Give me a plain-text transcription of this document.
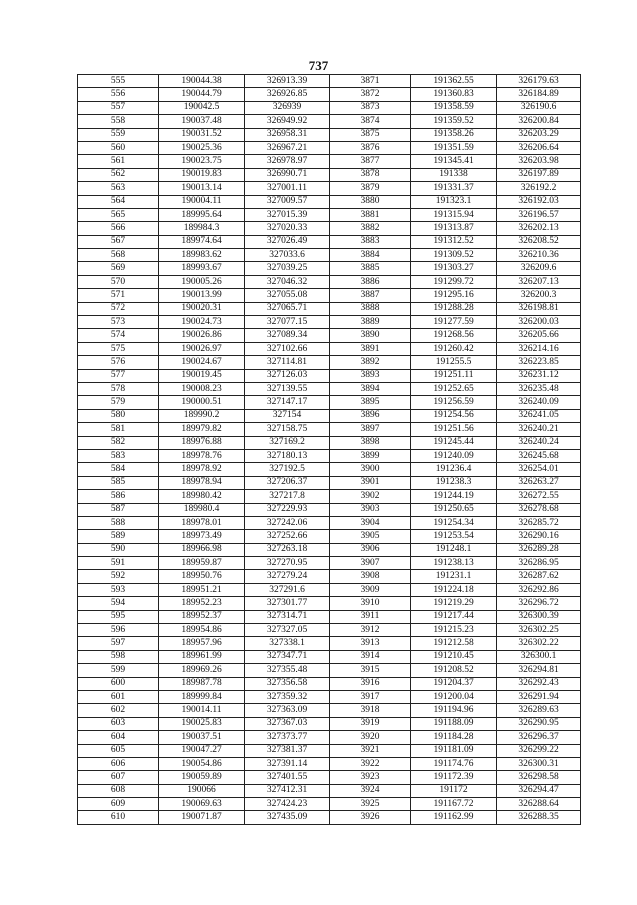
737
555	190044.38	326913.39	3871	191362.55	326179.63
556	190044.79	326926.85	3872	191360.83	326184.89
557	190042.5	326939	3873	191358.59	326190.6
558	190037.48	326949.92	3874	191359.52	326200.84
559	190031.52	326958.31	3875	191358.26	326203.29
560	190025.36	326967.21	3876	191351.59	326206.64
561	190023.75	326978.97	3877	191345.41	326203.98
562	190019.83	326990.71	3878	191338	326197.89
563	190013.14	327001.11	3879	191331.37	326192.2
564	190004.11	327009.57	3880	191323.1	326192.03
565	189995.64	327015.39	3881	191315.94	326196.57
566	189984.3	327020.33	3882	191313.87	326202.13
567	189974.64	327026.49	3883	191312.52	326208.52
568	189983.62	327033.6	3884	191309.52	326210.36
569	189993.67	327039.25	3885	191303.27	326209.6
570	190005.26	327046.32	3886	191299.72	326207.13
571	190013.99	327055.08	3887	191295.16	326200.3
572	190020.31	327065.71	3888	191288.28	326198.81
573	190024.73	327077.15	3889	191277.59	326200.03
574	190026.86	327089.34	3890	191268.56	326205.66
575	190026.97	327102.66	3891	191260.42	326214.16
576	190024.67	327114.81	3892	191255.5	326223.85
577	190019.45	327126.03	3893	191251.11	326231.12
578	190008.23	327139.55	3894	191252.65	326235.48
579	190000.51	327147.17	3895	191256.59	326240.09
580	189990.2	327154	3896	191254.56	326241.05
581	189979.82	327158.75	3897	191251.56	326240.21
582	189976.88	327169.2	3898	191245.44	326240.24
583	189978.76	327180.13	3899	191240.09	326245.68
584	189978.92	327192.5	3900	191236.4	326254.01
585	189978.94	327206.37	3901	191238.3	326263.27
586	189980.42	327217.8	3902	191244.19	326272.55
587	189980.4	327229.93	3903	191250.65	326278.68
588	189978.01	327242.06	3904	191254.34	326285.72
589	189973.49	327252.66	3905	191253.54	326290.16
590	189966.98	327263.18	3906	191248.1	326289.28
591	189959.87	327270.95	3907	191238.13	326286.95
592	189950.76	327279.24	3908	191231.1	326287.62
593	189951.21	327291.6	3909	191224.18	326292.86
594	189952.23	327301.77	3910	191219.29	326296.72
595	189952.37	327314.71	3911	191217.44	326300.39
596	189954.86	327327.05	3912	191215.23	326302.25
597	189957.96	327338.1	3913	191212.58	326302.22
598	189961.99	327347.71	3914	191210.45	326300.1
599	189969.26	327355.48	3915	191208.52	326294.81
600	189987.78	327356.58	3916	191204.37	326292.43
601	189999.84	327359.32	3917	191200.04	326291.94
602	190014.11	327363.09	3918	191194.96	326289.63
603	190025.83	327367.03	3919	191188.09	326290.95
604	190037.51	327373.77	3920	191184.28	326296.37
605	190047.27	327381.37	3921	191181.09	326299.22
606	190054.86	327391.14	3922	191174.76	326300.31
607	190059.89	327401.55	3923	191172.39	326298.58
608	190066	327412.31	3924	191172	326294.47
609	190069.63	327424.23	3925	191167.72	326288.64
610	190071.87	327435.09	3926	191162.99	326288.35
